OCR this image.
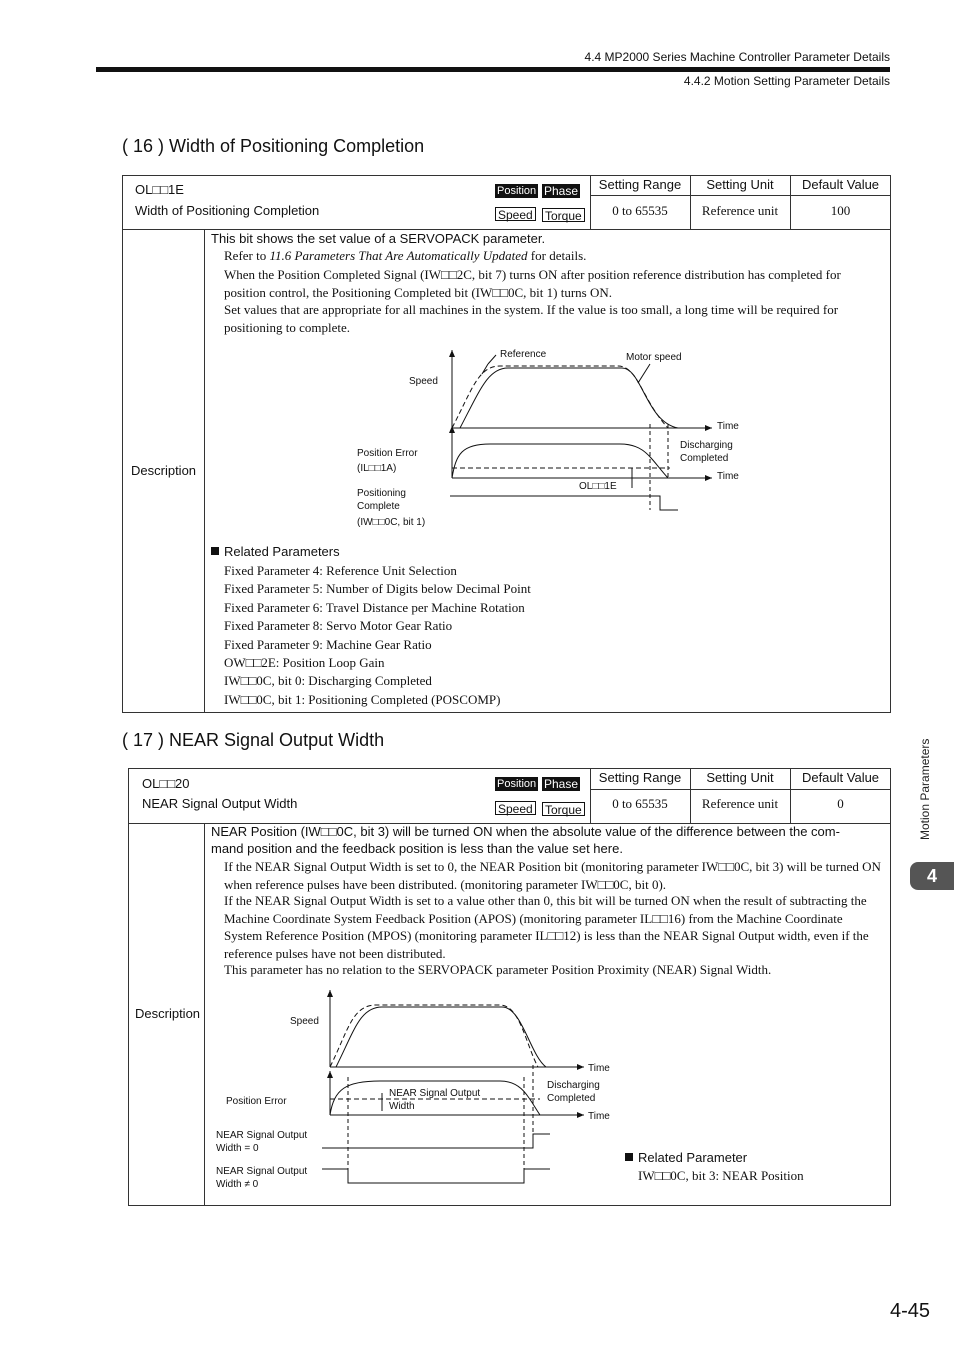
4.4 MP2000 Series Machine Controller Parameter Details
4.4.2 Motion Setting Parameter Details
( 16 ) Width of Positioning Completion
OL□□1E
Width of Positioning Completion
Position Phase
Speed Torque
Setting Range	Setting Unit	Default Value
0 to 65535	Reference unit	100
Description
This bit shows the set value of a SERVOPACK parameter.
Refer to 11.6 Parameters That Are Automatically Updated for details.
When the Position Completed Signal (IW□□2C, bit 7) turns ON after position reference distribution has completed for position control, the Positioning Completed bit (IW□□0C, bit 1) turns ON.
Set values that are appropriate for all machines in the system. If the value is too small, a long time will be required for positioning to complete.
Reference	Motor speed
Speed
Time
Discharging
Completed
Position Error
(IL□□1A)
Time
OL□□1E
Positioning
Complete
(IW□□0C, bit 1)
Related Parameters
Fixed Parameter 4: Reference Unit Selection
Fixed Parameter 5: Number of Digits below Decimal Point
Fixed Parameter 6: Travel Distance per Machine Rotation
Fixed Parameter 8: Servo Motor Gear Ratio
Fixed Parameter 9: Machine Gear Ratio
OW□□2E: Position Loop Gain
IW□□0C, bit 0: Discharging Completed
IW□□0C, bit 1: Positioning Completed (POSCOMP)
( 17 ) NEAR Signal Output Width
OL□□20
NEAR Signal Output Width
Position Phase
Speed Torque
Setting Range	Setting Unit	Default Value
0 to 65535	Reference unit	0
Description
NEAR Position (IW□□0C, bit 3) will be turned ON when the absolute value of the difference between the com-
mand position and the feedback position is less than the value set here.
If the NEAR Signal Output Width is set to 0, the NEAR Position bit (monitoring parameter IW□□0C, bit 3) will be turned ON when reference pulses have been distributed. (monitoring parameter IW□□0C, bit 0).
If the NEAR Signal Output Width is set to a value other than 0, this bit will be turned ON when the result of subtracting the Machine Coordinate System Feedback Position (APOS) (monitoring parameter IL□□16) from the Machine Coordinate System Reference Position (MPOS) (monitoring parameter IL□□12) is less than the NEAR Signal Output width, even if the reference pulses have not been distributed.
This parameter has no relation to the SERVOPACK parameter Position Proximity (NEAR) Signal Width.
Speed
Time
Position Error
NEAR Signal Output
Width
Discharging
Completed
Time
NEAR Signal Output
Width = 0
NEAR Signal Output
Width ≠ 0
Related Parameter
IW□□0C, bit 3: NEAR Position
Motion Parameters
4
4-45
